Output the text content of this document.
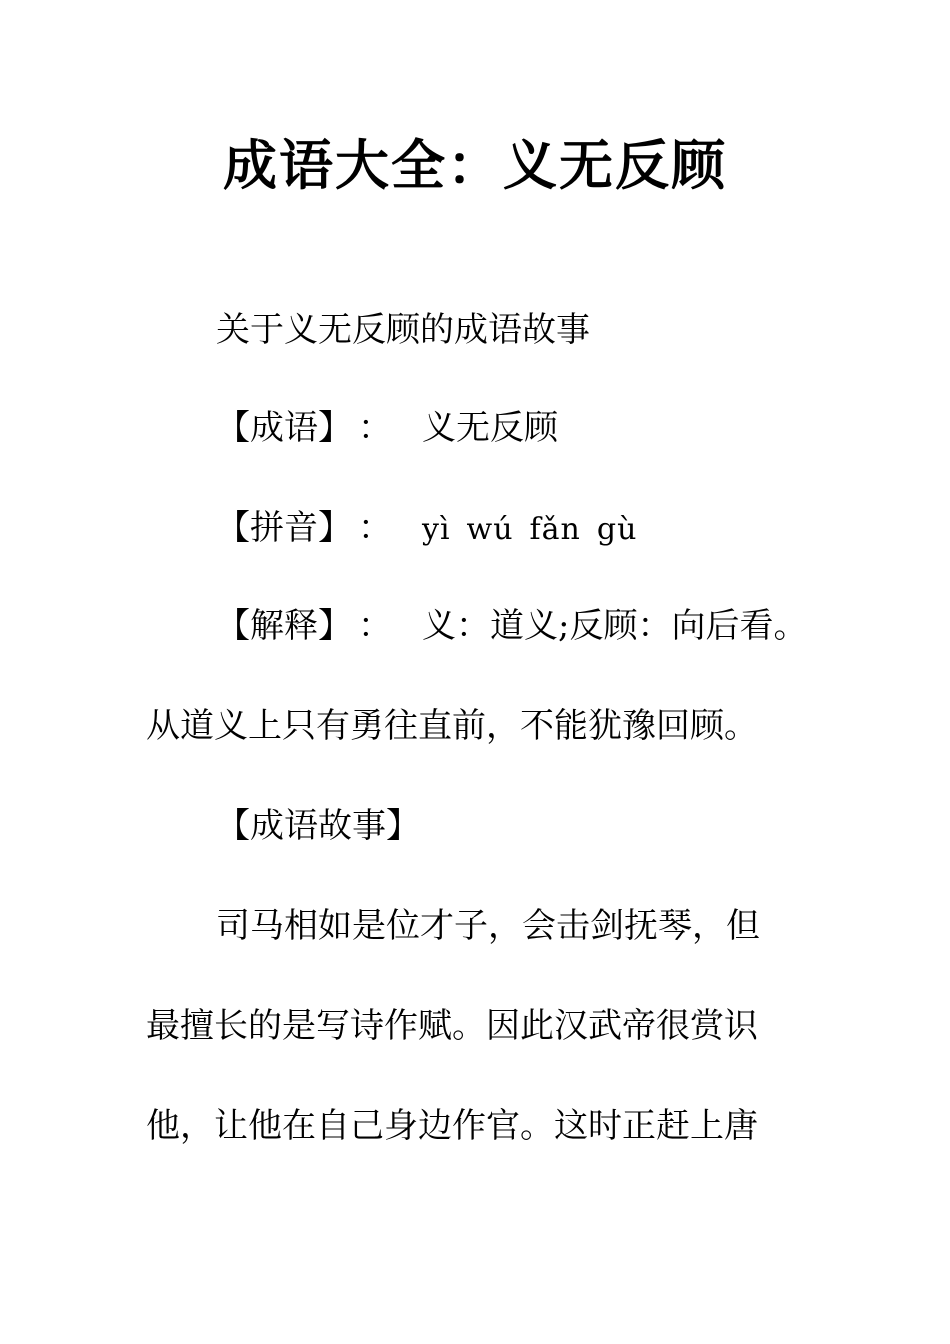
成语大全：义无反顾
关于义无反顾的成语故事
【成语】 ： 义无反顾
【拼音】 ： yì wú fǎn gù
【解释】 ： 义：道义;反顾：向后看。
从道义上只有勇往直前，不能犹豫回顾。
【成语故事】
司马相如是位才子，会击剑抚琴，但
最擅长的是写诗作赋。因此汉武帝很赏识
他，让他在自己身边作官。这时正赶上唐
